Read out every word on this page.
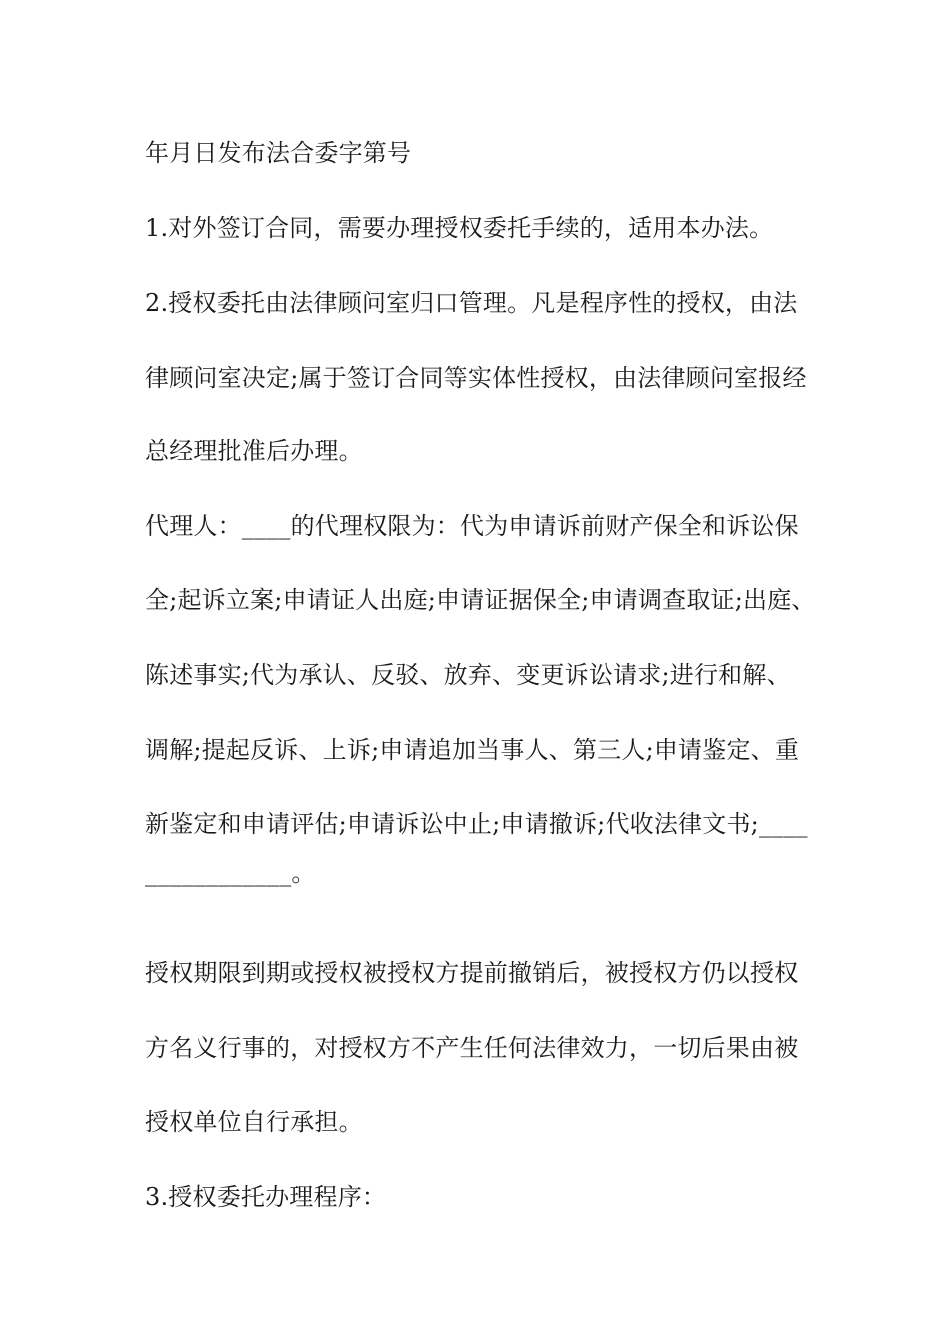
年月日发布法合委字第号
1.对外签订合同，需要办理授权委托手续的，适用本办法。
2.授权委托由法律顾问室归口管理。凡是程序性的授权，由法
律顾问室决定;属于签订合同等实体性授权，由法律顾问室报经
总经理批准后办理。
代理人：____的代理权限为：代为申请诉前财产保全和诉讼保
全;起诉立案;申请证人出庭;申请证据保全;申请调查取证;出庭、
陈述事实;代为承认、反驳、放弃、变更诉讼请求;进行和解、
调解;提起反诉、上诉;申请追加当事人、第三人;申请鉴定、重
新鉴定和申请评估;申请诉讼中止;申请撤诉;代收法律文书;____
____________。
授权期限到期或授权被授权方提前撤销后，被授权方仍以授权
方名义行事的，对授权方不产生任何法律效力，一切后果由被
授权单位自行承担。
3.授权委托办理程序：
